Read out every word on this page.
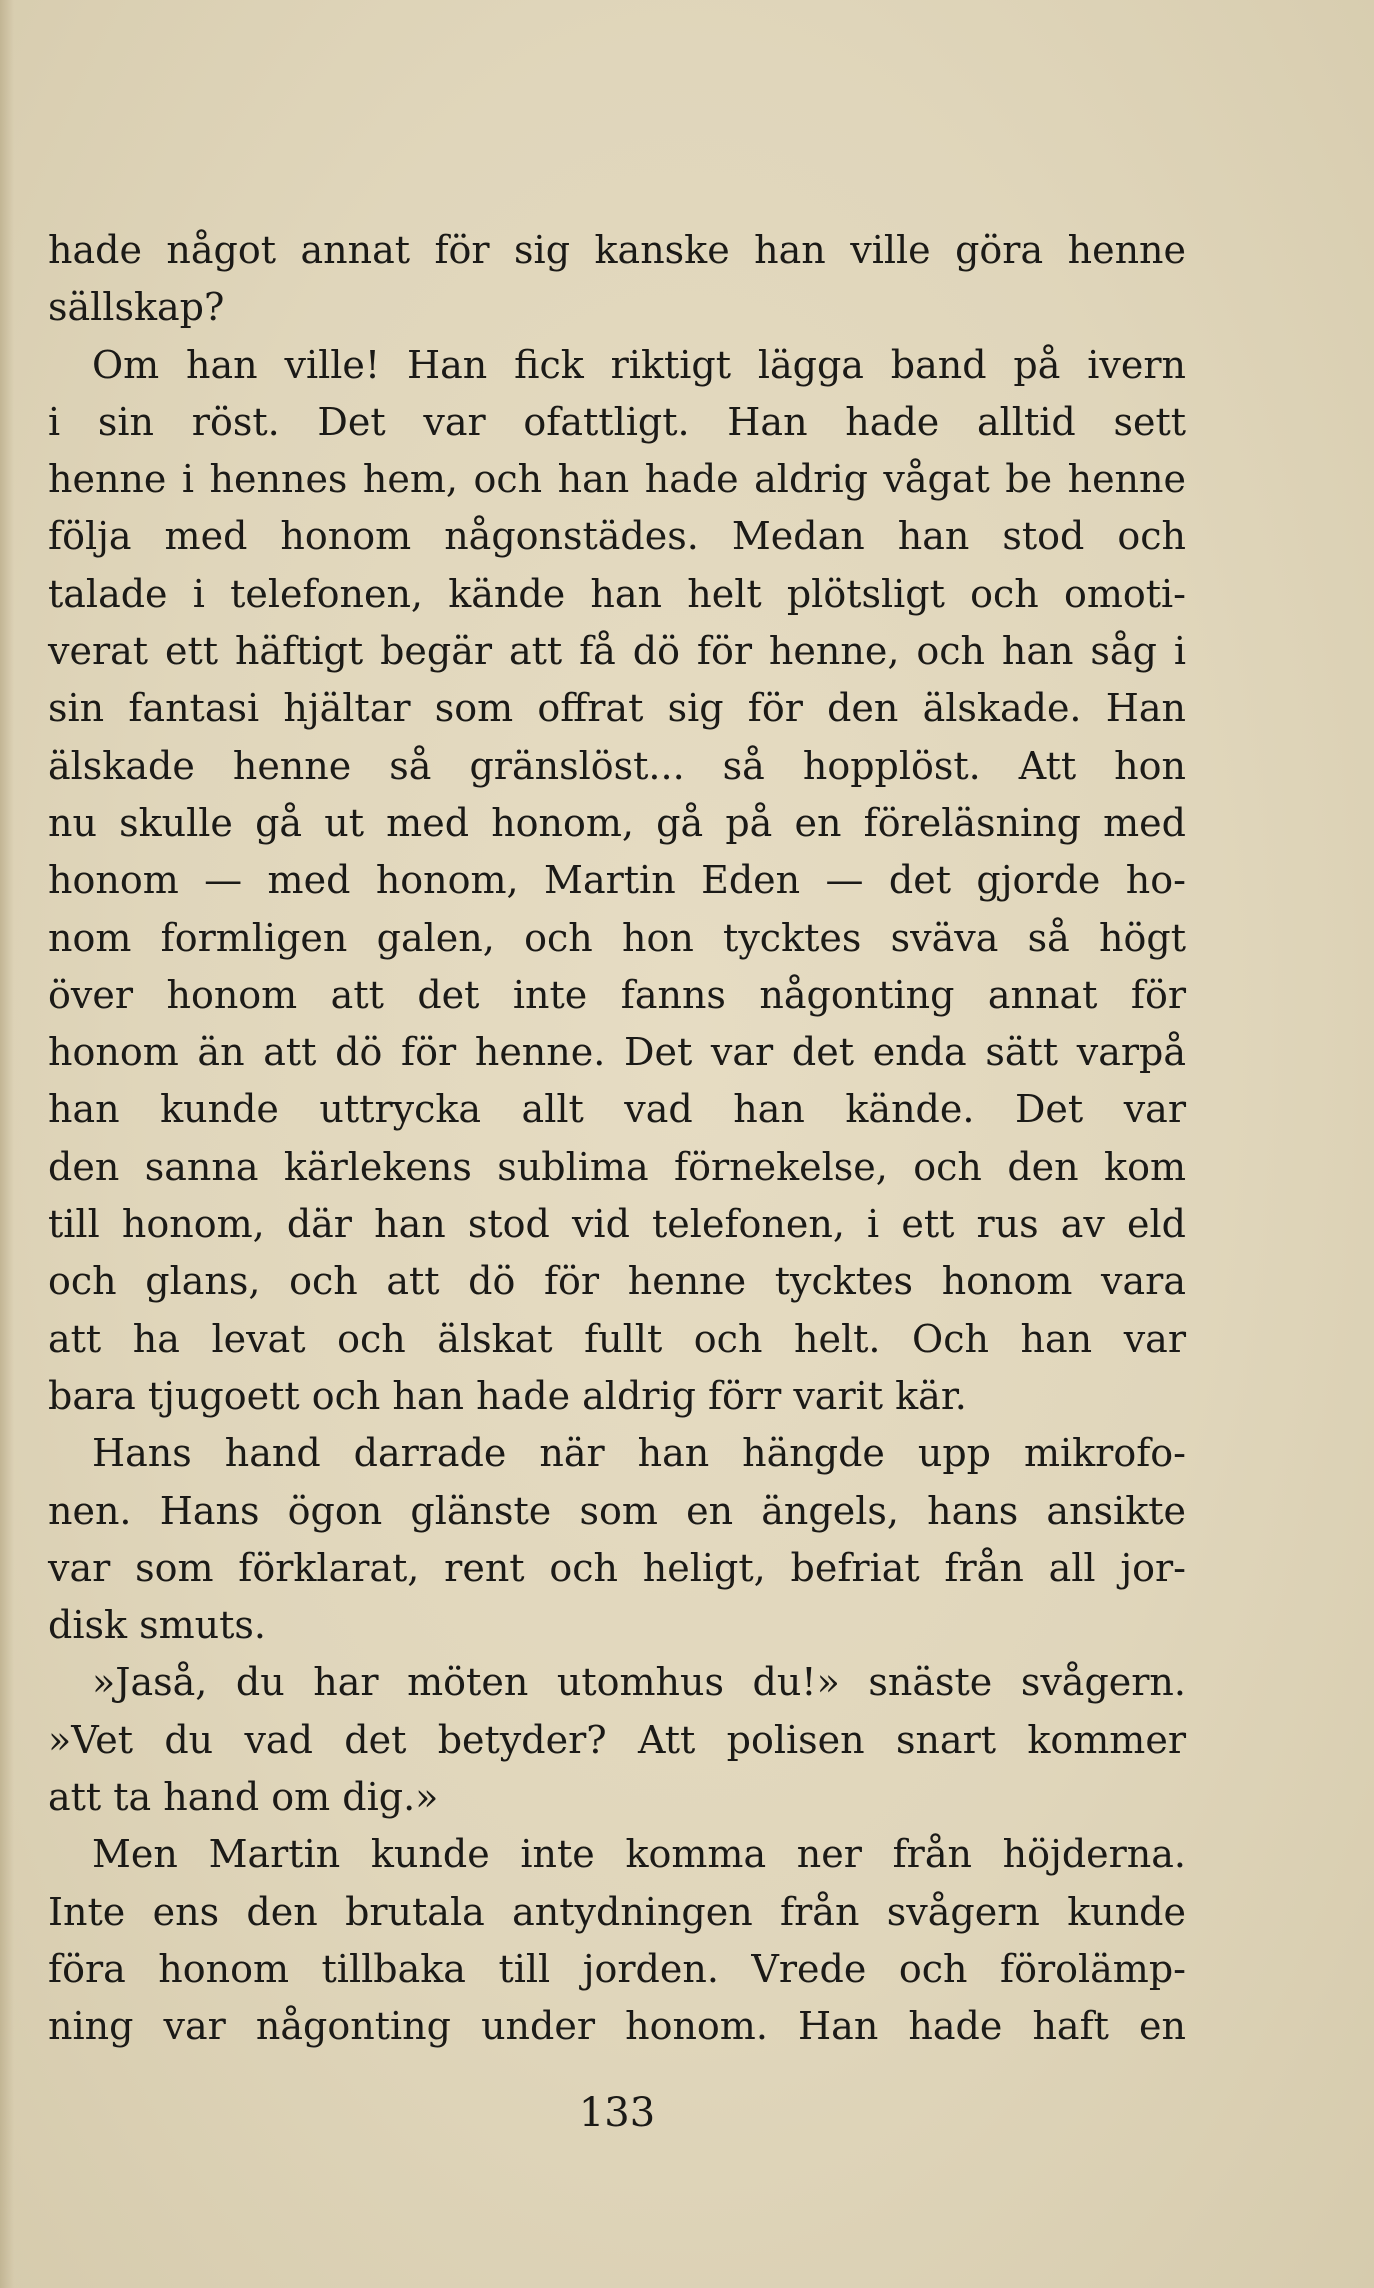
hade något annat för sig kanske han ville göra henne
sällskap?
Om han ville! Han fick riktigt lägga band på ivern
i sin röst. Det var ofattligt. Han hade alltid sett
henne i hennes hem, och han hade aldrig vågat be henne
följa med honom någonstädes. Medan han stod och
talade i telefonen, kände han helt plötsligt och omoti-
verat ett häftigt begär att få dö för henne, och han såg i
sin fantasi hjältar som offrat sig för den älskade. Han
älskade henne så gränslöst... så hopplöst. Att hon
nu skulle gå ut med honom, gå på en föreläsning med
honom — med honom, Martin Eden — det gjorde ho-
nom formligen galen, och hon tycktes sväva så högt
över honom att det inte fanns någonting annat för
honom än att dö för henne. Det var det enda sätt varpå
han kunde uttrycka allt vad han kände. Det var
den sanna kärlekens sublima förnekelse, och den kom
till honom, där han stod vid telefonen, i ett rus av eld
och glans, och att dö för henne tycktes honom vara
att ha levat och älskat fullt och helt. Och han var
bara tjugoett och han hade aldrig förr varit kär.
Hans hand darrade när han hängde upp mikrofo-
nen. Hans ögon glänste som en ängels, hans ansikte
var som förklarat, rent och heligt, befriat från all jor-
disk smuts.
»Jaså, du har möten utomhus du!» snäste svågern.
»Vet du vad det betyder? Att polisen snart kommer
att ta hand om dig.»
Men Martin kunde inte komma ner från höjderna.
Inte ens den brutala antydningen från svågern kunde
föra honom tillbaka till jorden. Vrede och förolämp-
ning var någonting under honom. Han hade haft en
133
